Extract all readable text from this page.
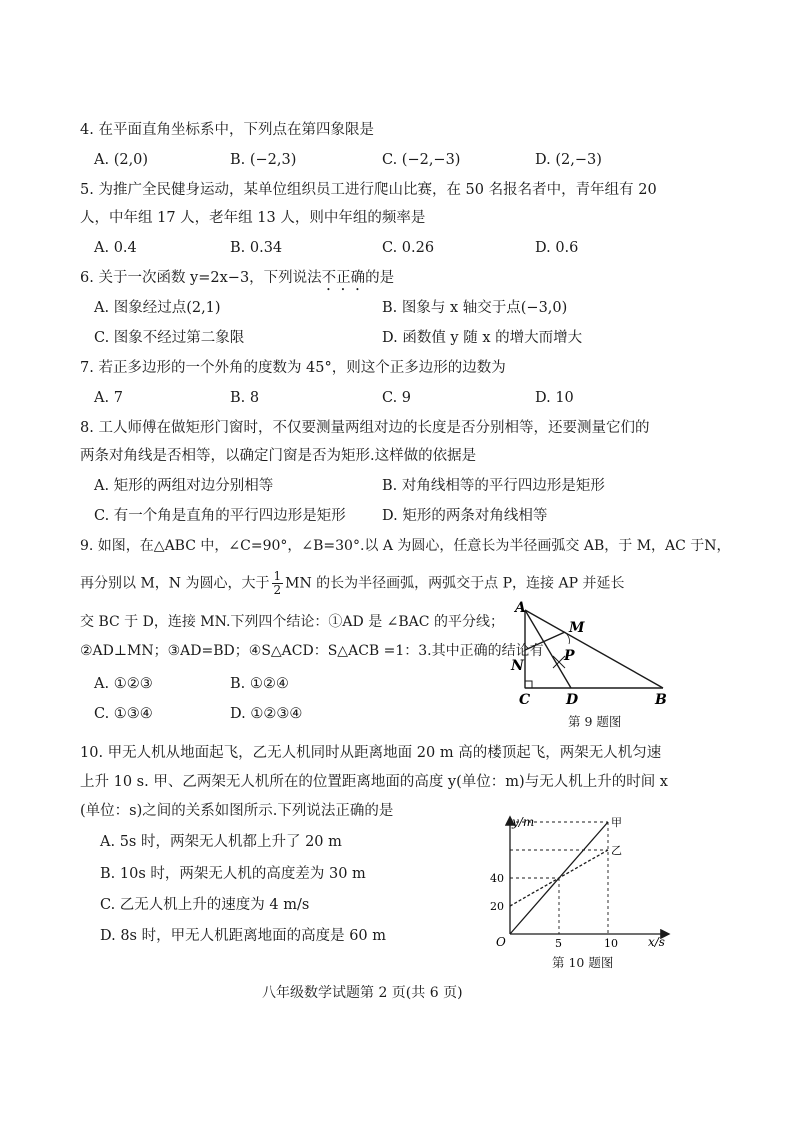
4. 在平面直角坐标系中，下列点在第四象限是
A. (2,0)	B. (−2,3)	C. (−2,−3)	D. (2,−3)
5. 为推广全民健身运动，某单位组织员工进行爬山比赛，在 50 名报名者中，青年组有 20
人，中年组 17 人，老年组 13 人，则中年组的频率是
A. 0.4	B. 0.34	C. 0.26	D. 0.6
6. 关于一次函数 y=2x−3，下列说法不正确的是
A. 图象经过点(2,1)	B. 图象与 x 轴交于点(−3,0)
C. 图象不经过第二象限	D. 函数值 y 随 x 的增大而增大
7. 若正多边形的一个外角的度数为 45°，则这个正多边形的边数为
A. 7	B. 8	C. 9	D. 10
8. 工人师傅在做矩形门窗时，不仅要测量两组对边的长度是否分别相等，还要测量它们的
两条对角线是否相等，以确定门窗是否为矩形.这样做的依据是
A. 矩形的两组对边分别相等	B. 对角线相等的平行四边形是矩形
C. 有一个角是直角的平行四边形是矩形 D. 矩形的两条对角线相等
9. 如图，在△ABC 中，∠C=90°，∠B=30°.以 A 为圆心，任意长为半径画弧交 AB，于 M，AC 于N，
再分别以 M，N 为圆心，大于 $\frac{1}{2}$ MN 的长为半径画弧，两弧交于点 P，连接 AP 并延长
交 BC 于 D，连接 MN.下列四个结论：①AD 是 ∠BAC 的平分线；
②AD⊥MN；③AD=BD；④S△ACD：S△ACB =1：3.其中正确的结论有
A. ①②③	B. ①②④
C. ①③④	D. ①②③④
A
M
N
P
C	D	B
第 9 题图
10. 甲无人机从地面起飞，乙无人机同时从距离地面 20 m 高的楼顶起飞，两架无人机匀速
上升 10 s. 甲、乙两架无人机所在的位置距离地面的高度 y(单位：m)与无人机上升的时间 x
(单位：s)之间的关系如图所示.下列说法正确的是
A. 5s 时，两架无人机都上升了 20 m
B. 10s 时，两架无人机的高度差为 30 m
C. 乙无人机上升的速度为 4 m/s
D. 8s 时，甲无人机距离地面的高度是 60 m
20
40
5	10
y/m
x/s
O
甲
乙
第 10 题图
八年级数学试题第 2 页(共 6 页)
